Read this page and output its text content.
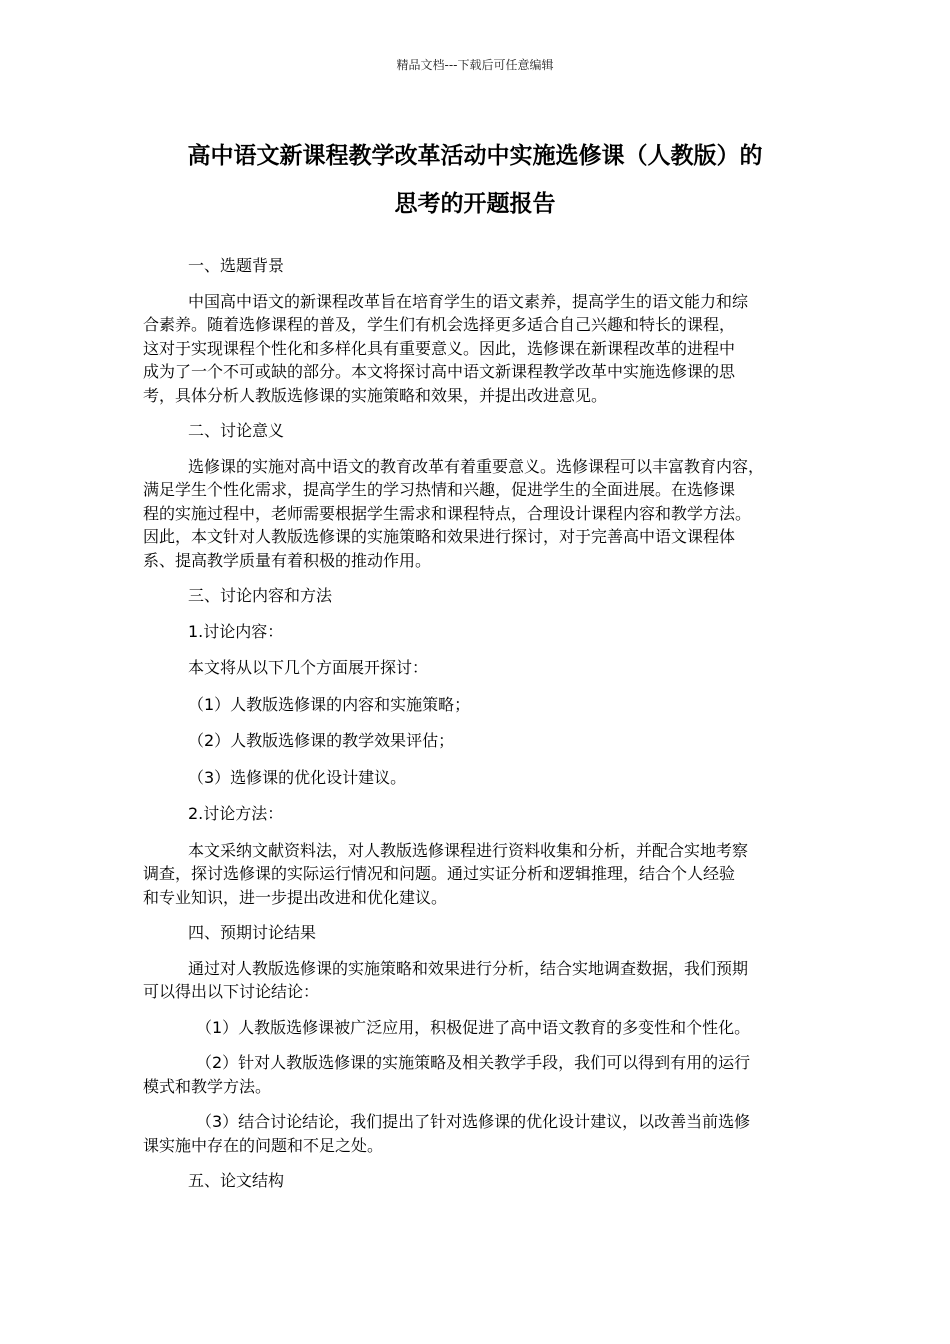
精品文档---下载后可任意编辑
高中语文新课程教学改革活动中实施选修课（人教版）的
思考的开题报告
一、选题背景
中国高中语文的新课程改革旨在培育学生的语文素养，提高学生的语文能力和综
合素养。随着选修课程的普及，学生们有机会选择更多适合自己兴趣和特长的课程，
这对于实现课程个性化和多样化具有重要意义。因此，选修课在新课程改革的进程中
成为了一个不可或缺的部分。本文将探讨高中语文新课程教学改革中实施选修课的思
考，具体分析人教版选修课的实施策略和效果，并提出改进意见。
二、讨论意义
选修课的实施对高中语文的教育改革有着重要意义。选修课程可以丰富教育内容，
满足学生个性化需求，提高学生的学习热情和兴趣，促进学生的全面进展。在选修课
程的实施过程中，老师需要根据学生需求和课程特点，合理设计课程内容和教学方法。
因此，本文针对人教版选修课的实施策略和效果进行探讨，对于完善高中语文课程体
系、提高教学质量有着积极的推动作用。
三、讨论内容和方法
1.讨论内容：
本文将从以下几个方面展开探讨：
（1）人教版选修课的内容和实施策略；
（2）人教版选修课的教学效果评估；
（3）选修课的优化设计建议。
2.讨论方法：
本文采纳文献资料法，对人教版选修课程进行资料收集和分析，并配合实地考察
调查，探讨选修课的实际运行情况和问题。通过实证分析和逻辑推理，结合个人经验
和专业知识，进一步提出改进和优化建议。
四、预期讨论结果
通过对人教版选修课的实施策略和效果进行分析，结合实地调查数据，我们预期
可以得出以下讨论结论：
（1）人教版选修课被广泛应用，积极促进了高中语文教育的多变性和个性化。
（2）针对人教版选修课的实施策略及相关教学手段，我们可以得到有用的运行
模式和教学方法。
（3）结合讨论结论，我们提出了针对选修课的优化设计建议，以改善当前选修
课实施中存在的问题和不足之处。
五、论文结构
